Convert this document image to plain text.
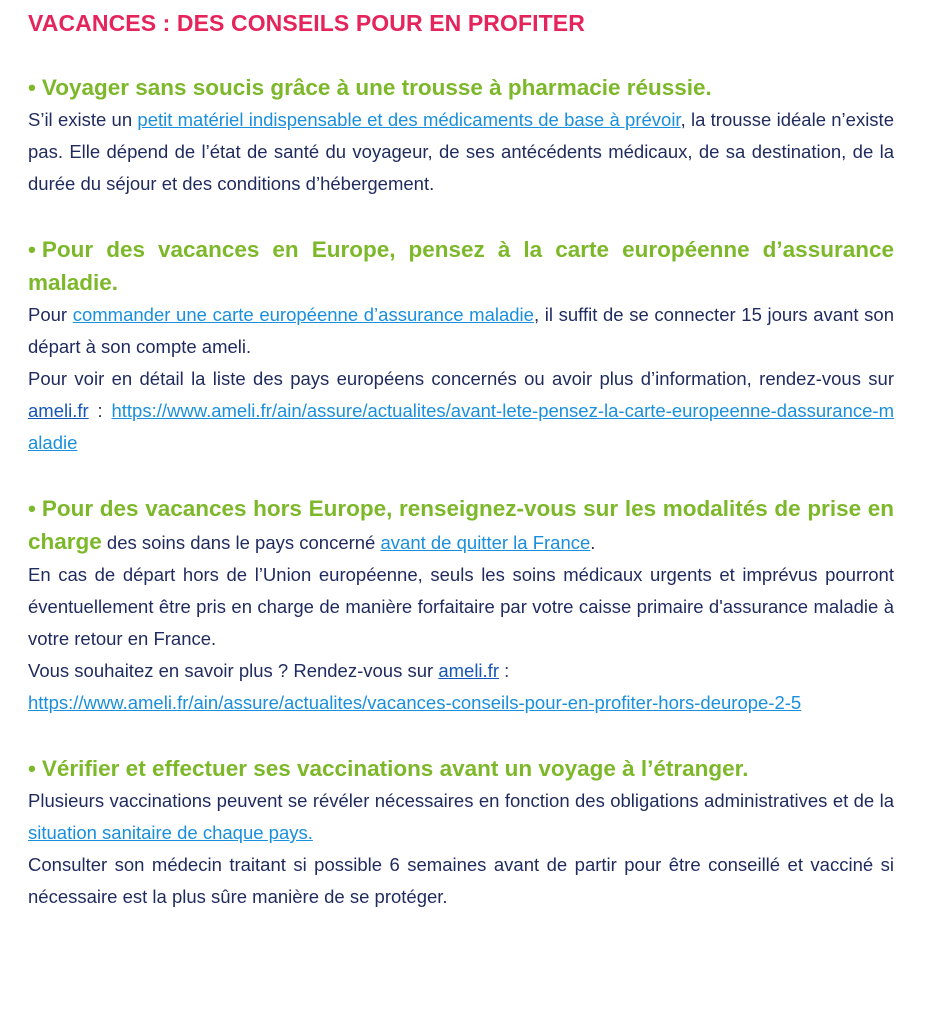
VACANCES : DES CONSEILS POUR EN PROFITER

• Voyager sans soucis grâce à une trousse à pharmacie réussie.

S’il existe un petit matériel indispensable et des médicaments de base à prévoir, la trousse idéale n’existe pas. Elle dépend de l’état de santé du voyageur, de ses antécédents médicaux, de sa destination, de la durée du séjour et des conditions d’hébergement.

• Pour des vacances en Europe, pensez à la carte européenne d’assurance maladie.

Pour commander une carte européenne d’assurance maladie, il suffit de se connecter 15 jours avant son départ à son compte ameli.

Pour voir en détail la liste des pays européens concernés ou avoir plus d’information, rendez-vous sur ameli.fr : https://www.ameli.fr/ain/assure/actualites/avant-lete-pensez-la-carte-europeenne-dassurance-maladie

• Pour des vacances hors Europe, renseignez-vous sur les modalités de prise en charge des soins dans le pays concerné avant de quitter la France.

En cas de départ hors de l’Union européenne, seuls les soins médicaux urgents et imprévus pourront éventuellement être pris en charge de manière forfaitaire par votre caisse primaire d'assurance maladie à votre retour en France.

Vous souhaitez en savoir plus ? Rendez-vous sur ameli.fr :
https://www.ameli.fr/ain/assure/actualites/vacances-conseils-pour-en-profiter-hors-deurope-2-5

• Vérifier et effectuer ses vaccinations avant un voyage à l’étranger.

Plusieurs vaccinations peuvent se révéler nécessaires en fonction des obligations administratives et de la situation sanitaire de chaque pays.

Consulter son médecin traitant si possible 6 semaines avant de partir pour être conseillé et vacciné si nécessaire est la plus sûre manière de se protéger.
